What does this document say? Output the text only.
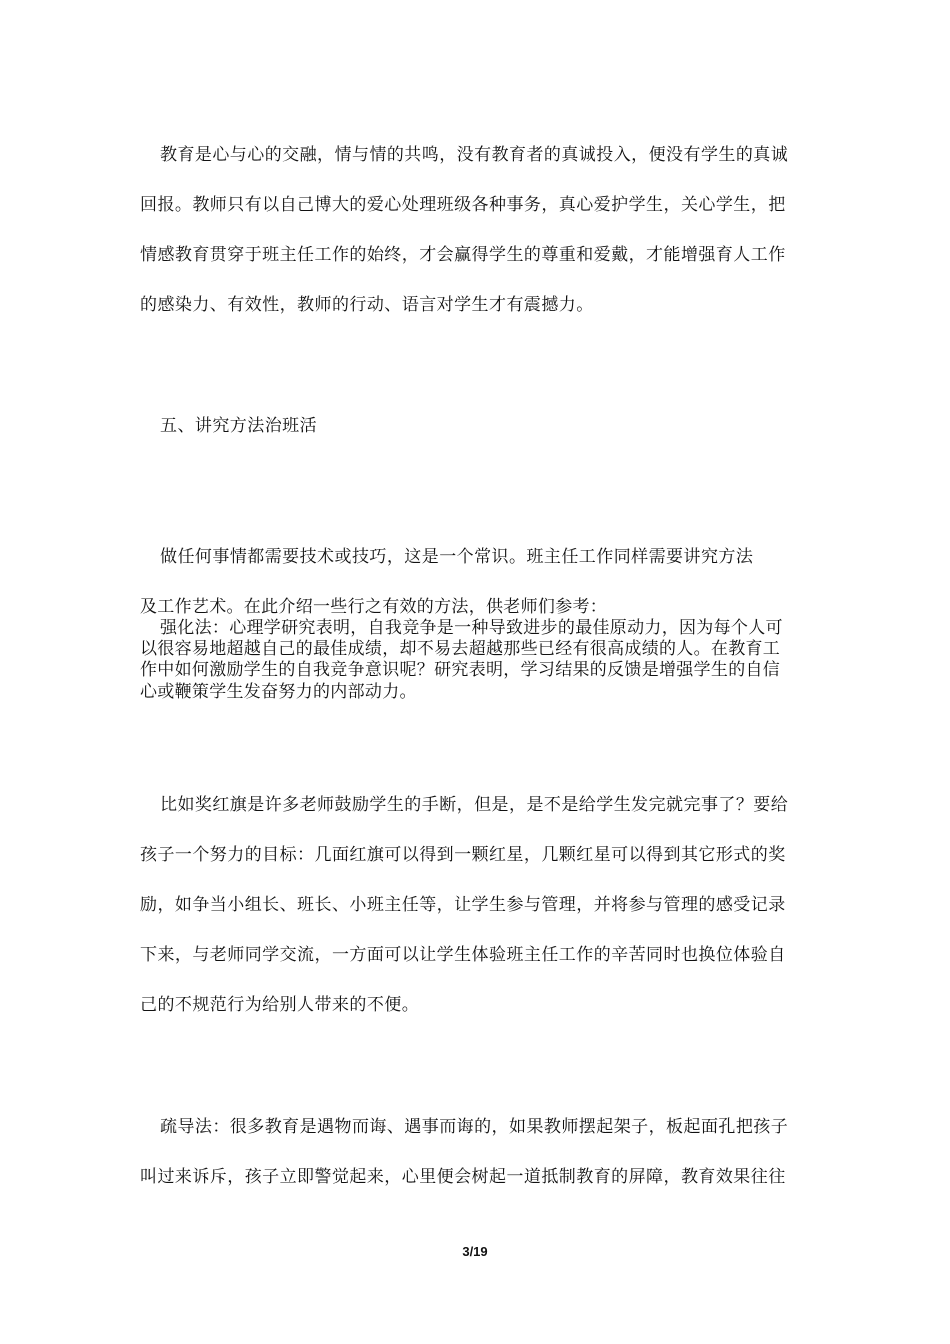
教育是心与心的交融，情与情的共鸣，没有教育者的真诚投入，便没有学生的真诚
回报。教师只有以自己博大的爱心处理班级各种事务，真心爱护学生，关心学生，把
情感教育贯穿于班主任工作的始终，才会赢得学生的尊重和爱戴，才能增强育人工作
的感染力、有效性，教师的行动、语言对学生才有震撼力。
五、讲究方法治班活
做任何事情都需要技术或技巧，这是一个常识。班主任工作同样需要讲究方法
及工作艺术。在此介绍一些行之有效的方法，供老师们参考：
强化法：心理学研究表明，自我竞争是一种导致进步的最佳原动力，因为每个人可
以很容易地超越自己的最佳成绩，却不易去超越那些已经有很高成绩的人。在教育工
作中如何激励学生的自我竞争意识呢？研究表明，学习结果的反馈是增强学生的自信
心或鞭策学生发奋努力的内部动力。
比如奖红旗是许多老师鼓励学生的手断，但是，是不是给学生发完就完事了？要给
孩子一个努力的目标：几面红旗可以得到一颗红星，几颗红星可以得到其它形式的奖
励，如争当小组长、班长、小班主任等，让学生参与管理，并将参与管理的感受记录
下来，与老师同学交流，一方面可以让学生体验班主任工作的辛苦同时也换位体验自
己的不规范行为给别人带来的不便。
疏导法：很多教育是遇物而诲、遇事而诲的，如果教师摆起架子，板起面孔把孩子
叫过来诉斥，孩子立即警觉起来，心里便会树起一道抵制教育的屏障，教育效果往往
3/19
